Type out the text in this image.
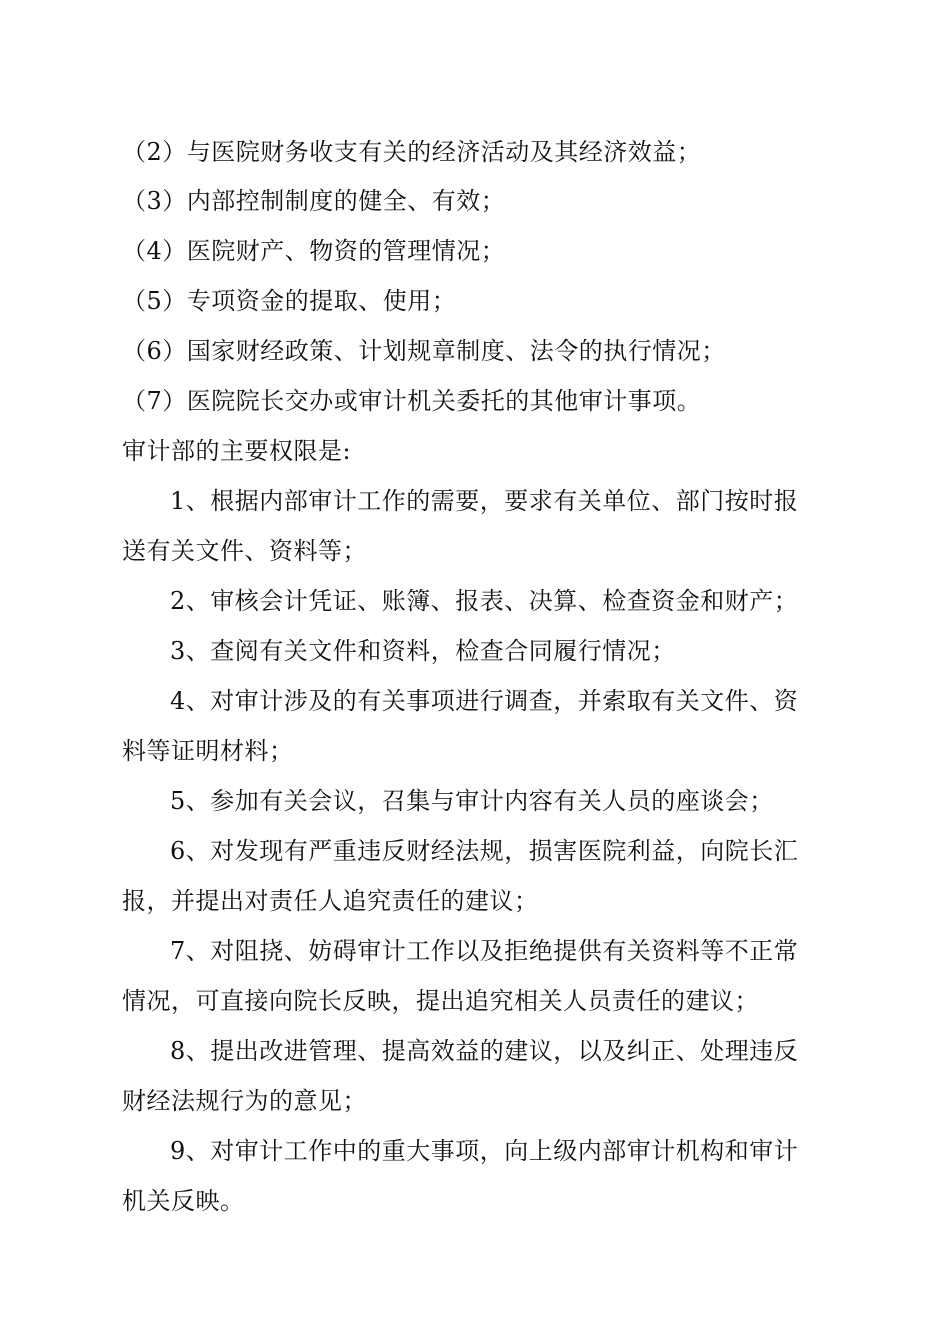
（2）与医院财务收支有关的经济活动及其经济效益；
（3）内部控制制度的健全、有效；
（4）医院财产、物资的管理情况；
（5）专项资金的提取、使用；
（6）国家财经政策、计划规章制度、法令的执行情况；
（7）医院院长交办或审计机关委托的其他审计事项。
审计部的主要权限是:
1、根据内部审计工作的需要，要求有关单位、部门按时报
送有关文件、资料等；
2、审核会计凭证、账簿、报表、决算、检查资金和财产；
3、查阅有关文件和资料，检查合同履行情况；
4、对审计涉及的有关事项进行调查，并索取有关文件、资
料等证明材料；
5、参加有关会议，召集与审计内容有关人员的座谈会；
6、对发现有严重违反财经法规，损害医院利益，向院长汇
报，并提出对责任人追究责任的建议；
7、对阻挠、妨碍审计工作以及拒绝提供有关资料等不正常
情况，可直接向院长反映，提出追究相关人员责任的建议；
8、提出改进管理、提高效益的建议，以及纠正、处理违反
财经法规行为的意见；
9、对审计工作中的重大事项，向上级内部审计机构和审计
机关反映。
